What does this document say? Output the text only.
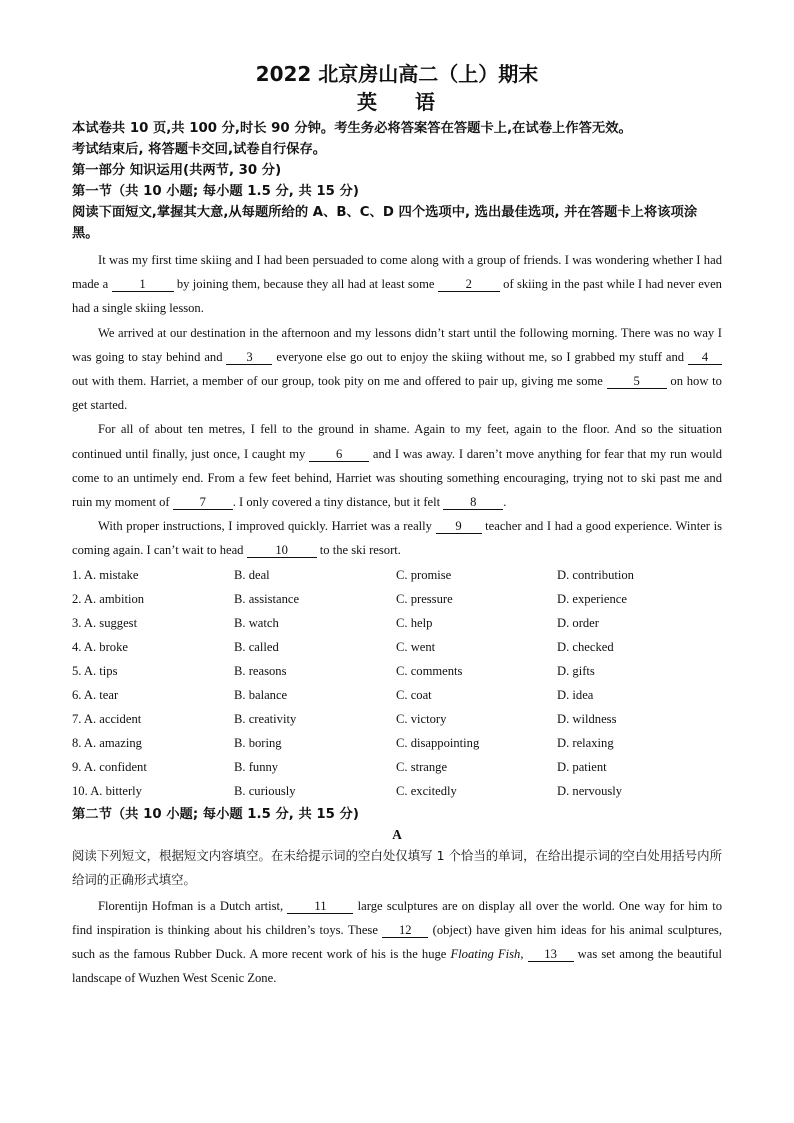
2022 北京房山高二（上）期末

英 语

本试卷共 10 页,共 100 分,时长 90 分钟。考生务必将答案答在答题卡上,在试卷上作答无效。

考试结束后, 将答题卡交回,试卷自行保存。

第一部分 知识运用(共两节, 30 分)

第一节（共 10 小题; 每小题 1.5 分, 共 15 分)

阅读下面短文,掌握其大意,从每题所给的 A、B、C、D 四个选项中, 选出最佳选项, 并在答题卡上将该项涂黑。

It was my first time skiing and I had been persuaded to come along with a group of friends. I was wondering whether I had made a 1 by joining them, because they all had at least some 2 of skiing in the past while I had never even had a single skiing lesson.

We arrived at our destination in the afternoon and my lessons didn’t start until the following morning. There was no way I was going to stay behind and 3 everyone else go out to enjoy the skiing without me, so I grabbed my stuff and 4 out with them. Harriet, a member of our group, took pity on me and offered to pair up, giving me some 5 on how to get started.

For all of about ten metres, I fell to the ground in shame. Again to my feet, again to the floor. And so the situation continued until finally, just once, I caught my 6 and I was away. I daren’t move anything for fear that my run would come to an untimely end. From a few feet behind, Harriet was shouting something encouraging, trying not to ski past me and ruin my moment of 7 . I only covered a tiny distance, but it felt 8 .

With proper instructions, I improved quickly. Harriet was a really 9 teacher and I had a good experience. Winter is coming again. I can’t wait to head 10 to the ski resort.

1. A. mistake	B. deal	C. promise	D. contribution
2. A. ambition	B. assistance	C. pressure	D. experience
3. A. suggest	B. watch	C. help	D. order
4. A. broke	B. called	C. went	D. checked
5. A. tips	B. reasons	C. comments	D. gifts
6. A. tear	B. balance	C. coat	D. idea
7. A. accident	B. creativity	C. victory	D. wildness
8. A. amazing	B. boring	C. disappointing	D. relaxing
9. A. confident	B. funny	C. strange	D. patient
10. A. bitterly	B. curiously	C. excitedly	D. nervously

第二节（共 10 小题; 每小题 1.5 分, 共 15 分)

A

阅读下列短文，根据短文内容填空。在未给提示词的空白处仅填写 1 个恰当的单词，在给出提示词的空白处用括号内所给词的正确形式填空。

Florentijn Hofman is a Dutch artist, 11 large sculptures are on display all over the world. One way for him to find inspiration is thinking about his children’s toys. These 12 (object) have given him ideas for his animal sculptures, such as the famous Rubber Duck. A more recent work of his is the huge Floating Fish, 13 was set among the beautiful landscape of Wuzhen West Scenic Zone.
